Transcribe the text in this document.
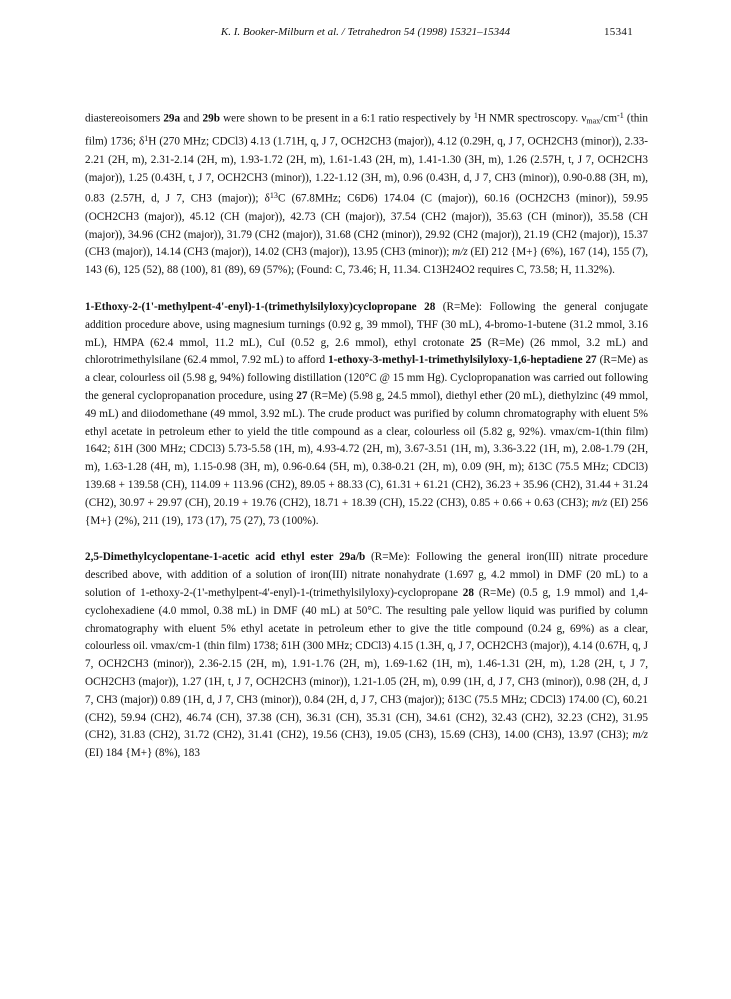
K. I. Booker-Milburn et al. / Tetrahedron 54 (1998) 15321–15344	15341

diastereoisomers 29a and 29b were shown to be present in a 6:1 ratio respectively by $^1$H NMR spectroscopy. $\nu_{max}/cm^{-1}$ (thin film) 1736; $\delta^1H$ (270 MHz; CDCl3) 4.13 (1.71H, q, J 7, OCH2CH3 (major)), 4.12 (0.29H, q, J 7, OCH2CH3 (minor)), 2.33-2.21 (2H, m), 2.31-2.14 (2H, m), 1.93-1.72 (2H, m), 1.61-1.43 (2H, m), 1.41-1.30 (3H, m), 1.26 (2.57H, t, J 7, OCH2CH3 (major)), 1.25 (0.43H, t, J 7, OCH2CH3 (minor)), 1.22-1.12 (3H, m), 0.96 (0.43H, d, J 7, CH3 (minor)), 0.90-0.88 (3H, m), 0.83 (2.57H, d, J 7, CH3 (major)); $\delta^{13}C$ (67.8MHz; C6D6) 174.04 (C (major)), 60.16 (OCH2CH3 (minor)), 59.95 (OCH2CH3 (major)), 45.12 (CH (major)), 42.73 (CH (major)), 37.54 (CH2 (major)), 35.63 (CH (minor)), 35.58 (CH (major)), 34.96 (CH2 (major)), 31.79 (CH2 (major)), 31.68 (CH2 (minor)), 29.92 (CH2 (major)), 21.19 (CH2 (major)), 15.37 (CH3 (major)), 14.14 (CH3 (major)), 14.02 (CH3 (major)), 13.95 (CH3 (minor)); m/z (EI) 212 {M+} (6%), 167 (14), 155 (7), 143 (6), 125 (52), 88 (100), 81 (89), 69 (57%); (Found: C, 73.46; H, 11.34. C13H24O2 requires C, 73.58; H, 11.32%).

1-Ethoxy-2-(1'-methylpent-4'-enyl)-1-(trimethylsilyloxy)cyclopropane 28 (R=Me): Following the general conjugate addition procedure above, using magnesium turnings (0.92 g, 39 mmol), THF (30 mL), 4-bromo-1-butene (31.2 mmol, 3.16 mL), HMPA (62.4 mmol, 11.2 mL), CuI (0.52 g, 2.6 mmol), ethyl crotonate 25 (R=Me) (26 mmol, 3.2 mL) and chlorotrimethylsilane (62.4 mmol, 7.92 mL) to afford 1-ethoxy-3-methyl-1-trimethylsilyloxy-1,6-heptadiene 27 (R=Me) as a clear, colourless oil (5.98 g, 94%) following distillation (120°C @ 15 mm Hg). Cyclopropanation was carried out following the general cyclopropanation procedure, using 27 (R=Me) (5.98 g, 24.5 mmol), diethyl ether (20 mL), diethylzinc (49 mmol, 49 mL) and diiodomethane (49 mmol, 3.92 mL). The crude product was purified by column chromatography with eluent 5% ethyl acetate in petroleum ether to yield the title compound as a clear, colourless oil (5.82 g, 92%). νmax/cm-1(thin film) 1642; δ1H (300 MHz; CDCl3) 5.73-5.58 (1H, m), 4.93-4.72 (2H, m), 3.67-3.51 (1H, m), 3.36-3.22 (1H, m), 2.08-1.79 (2H, m), 1.63-1.28 (4H, m), 1.15-0.98 (3H, m), 0.96-0.64 (5H, m), 0.38-0.21 (2H, m), 0.09 (9H, m); δ13C (75.5 MHz; CDCl3) 139.68 + 139.58 (CH), 114.09 + 113.96 (CH2), 89.05 + 88.33 (C), 61.31 + 61.21 (CH2), 36.23 + 35.96 (CH2), 31.44 + 31.24 (CH2), 30.97 + 29.97 (CH), 20.19 + 19.76 (CH2), 18.71 + 18.39 (CH), 15.22 (CH3), 0.85 + 0.66 + 0.63 (CH3); m/z (EI) 256 {M+} (2%), 211 (19), 173 (17), 75 (27), 73 (100%).

2,5-Dimethylcyclopentane-1-acetic acid ethyl ester 29a/b (R=Me): Following the general iron(III) nitrate procedure described above, with addition of a solution of iron(III) nitrate nonahydrate (1.697 g, 4.2 mmol) in DMF (20 mL) to a solution of 1-ethoxy-2-(1'-methylpent-4'-enyl)-1-(trimethylsilyloxy)-cyclopropane 28 (R=Me) (0.5 g, 1.9 mmol) and 1,4-cyclohexadiene (4.0 mmol, 0.38 mL) in DMF (40 mL) at 50°C. The resulting pale yellow liquid was purified by column chromatography with eluent 5% ethyl acetate in petroleum ether to give the title compound (0.24 g, 69%) as a clear, colourless oil. νmax/cm-1 (thin film) 1738; δ1H (300 MHz; CDCl3) 4.15 (1.3H, q, J 7, OCH2CH3 (major)), 4.14 (0.67H, q, J 7, OCH2CH3 (minor)), 2.36-2.15 (2H, m), 1.91-1.76 (2H, m), 1.69-1.62 (1H, m), 1.46-1.31 (2H, m), 1.28 (2H, t, J 7, OCH2CH3 (major)), 1.27 (1H, t, J 7, OCH2CH3 (minor)), 1.21-1.05 (2H, m), 0.99 (1H, d, J 7, CH3 (minor)), 0.98 (2H, d, J 7, CH3 (major)) 0.89 (1H, d, J 7, CH3 (minor)), 0.84 (2H, d, J 7, CH3 (major)); δ13C (75.5 MHz; CDCl3) 174.00 (C), 60.21 (CH2), 59.94 (CH2), 46.74 (CH), 37.38 (CH), 36.31 (CH), 35.31 (CH), 34.61 (CH2), 32.43 (CH2), 32.23 (CH2), 31.95 (CH2), 31.83 (CH2), 31.72 (CH2), 31.41 (CH2), 19.56 (CH3), 19.05 (CH3), 15.69 (CH3), 14.00 (CH3), 13.97 (CH3); m/z (EI) 184 {M+} (8%), 183
